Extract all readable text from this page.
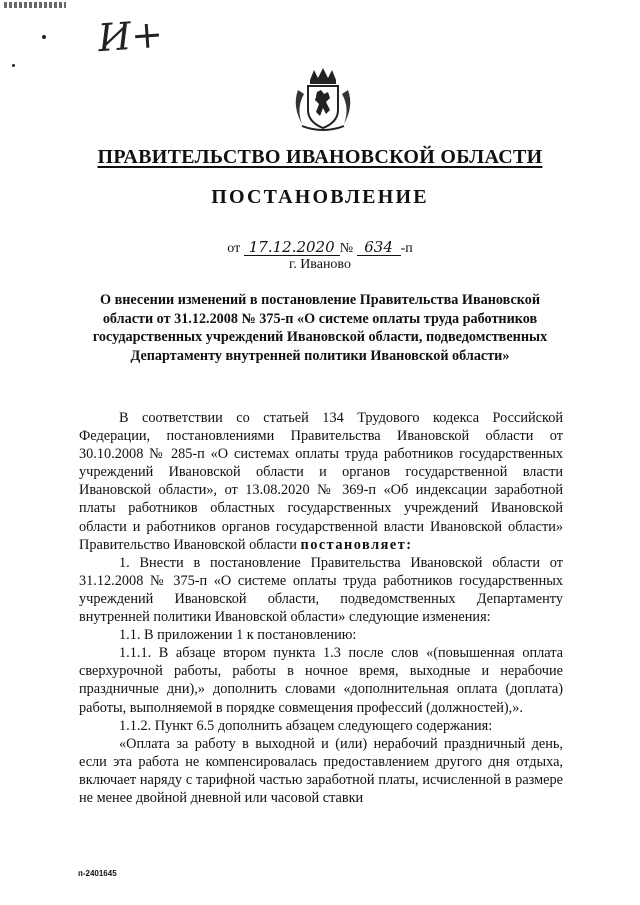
И+
ПРАВИТЕЛЬСТВО ИВАНОВСКОЙ ОБЛАСТИ
ПОСТАНОВЛЕНИЕ
от 17.12.2020 № 634 -п
г. Иваново
О внесении изменений в постановление Правительства Ивановской области от 31.12.2008 № 375-п «О системе оплаты труда работников государственных учреждений Ивановской области, подведомственных Департаменту внутренней политики Ивановской области»

В соответствии со статьей 134 Трудового кодекса Российской Федерации, постановлениями Правительства Ивановской области от 30.10.2008 № 285-п «О системах оплаты труда работников государственных учреждений Ивановской области и органов государственной власти Ивановской области», от 13.08.2020 № 369-п «Об индексации заработной платы работников областных государственных учреждений Ивановской области и работников органов государственной власти Ивановской области» Правительство Ивановской области постановляет:

1. Внести в постановление Правительства Ивановской области от 31.12.2008 № 375-п «О системе оплаты труда работников государственных учреждений Ивановской области, подведомственных Департаменту внутренней политики Ивановской области» следующие изменения:

1.1. В приложении 1 к постановлению:

1.1.1. В абзаце втором пункта 1.3 после слов «(повышенная оплата сверхурочной работы, работы в ночное время, выходные и нерабочие праздничные дни),» дополнить словами «дополнительная оплата (доплата) работы, выполняемой в порядке совмещения профессий (должностей),».

1.1.2. Пункт 6.5 дополнить абзацем следующего содержания:

«Оплата за работу в выходной и (или) нерабочий праздничный день, если эта работа не компенсировалась предоставлением другого дня отдыха, включает наряду с тарифной частью заработной платы, исчисленной в размере не менее двойной дневной или часовой ставки

п-2401645
